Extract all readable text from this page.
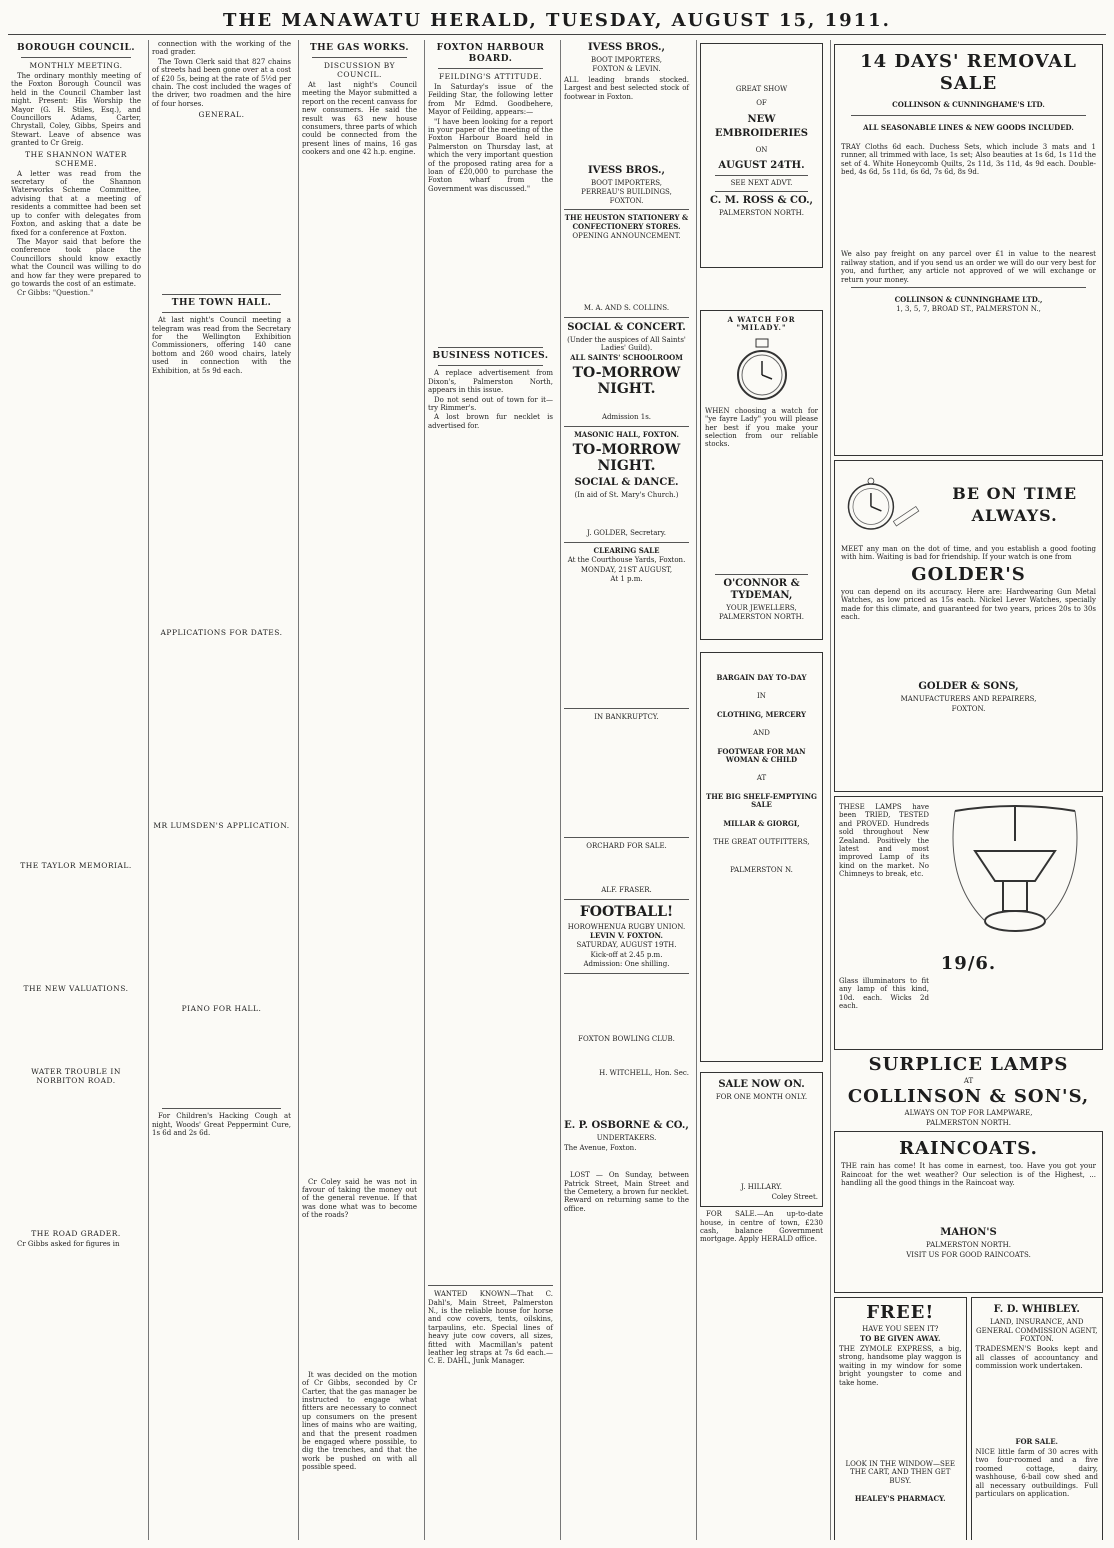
THE MANAWATU HERALD, TUESDAY, AUGUST 15, 1911.
BOROUGH COUNCIL.
MONTHLY MEETING.

The ordinary monthly meeting of the Foxton Borough Council was held in the Council Chamber last night. Present: His Worship the Mayor (G. H. Stiles, Esq.), and Councillors Adams, Carter, Chrystall, Coley, Gibbs, Speirs and Stewart. Leave of absence was granted to Cr Greig.

THE SHANNON WATER SCHEME.

A letter was read from the secretary of the Shannon Waterworks Scheme Committee, advising that at a meeting of residents a committee had been set up to confer with delegates from Foxton, and asking that a date be fixed for a conference at Foxton.

The Mayor said that before the conference took place the Councillors should know exactly what the Council was willing to do and how far they were prepared to go towards the cost of an estimate.

Cr Gibbs: "Question."

THE TAYLOR MEMORIAL.
THE NEW VALUATIONS.
WATER TROUBLE IN NORBITON ROAD.
THE ROAD GRADER.

Cr Gibbs asked for figures in

connection with the working of the road grader.

The Town Clerk said that 827 chains of streets had been gone over at a cost of £20 5s, being at the rate of 5½d per chain. The cost included the wages of the driver, two roadmen and the hire of four horses.

GENERAL.
THE TOWN HALL.

At last night's Council meeting a telegram was read from the Secretary for the Wellington Exhibition Commissioners, offering 140 cane bottom and 260 wood chairs, lately used in connection with the Exhibition, at 5s 9d each.

APPLICATIONS FOR DATES.
MR LUMSDEN'S APPLICATION.
PIANO FOR HALL.

For Children's Hacking Cough at night, Woods' Great Peppermint Cure, 1s 6d and 2s 6d.

THE GAS WORKS.
DISCUSSION BY COUNCIL.

At last night's Council meeting the Mayor submitted a report on the recent canvass for new consumers. He said the result was 63 new house consumers, three parts of which could be connected from the present lines of mains, 16 gas cookers and one 42 h.p. engine.

Cr Coley said he was not in favour of taking the money out of the general revenue. If that was done what was to become of the roads?

It was decided on the motion of Cr Gibbs, seconded by Cr Carter, that the gas manager be instructed to engage what fitters are necessary to connect up consumers on the present lines of mains who are waiting, and that the present roadmen be engaged where possible, to dig the trenches, and that the work be pushed on with all possible speed.

FOXTON HARBOUR BOARD.
FEILDING'S ATTITUDE.

In Saturday's issue of the Feilding Star, the following letter from Mr Edmd. Goodbehere, Mayor of Feilding, appears:—

"I have been looking for a report in your paper of the meeting of the Foxton Harbour Board held in Palmerston on Thursday last, at which the very important question of the proposed rating area for a loan of £20,000 to purchase the Foxton wharf from the Government was discussed."

BUSINESS NOTICES.

A replace advertisement from Dixon's, Palmerston North, appears in this issue.

Do not send out of town for it—try Rimmer's.

A lost brown fur necklet is advertised for.

WANTED KNOWN—That C. Dahl's, Main Street, Palmerston N., is the reliable house for horse and cow covers, tents, oilskins, tarpaulins, etc. Special lines of heavy jute cow covers, all sizes, fitted with Macmillan's patent leather leg straps at 7s 6d each.—C. E. DAHL, Junk Manager.

IVESS BROS.,
BOOT IMPORTERS,
FOXTON & LEVIN.
ALL leading brands stocked. Largest and best selected stock of footwear in Foxton.
IVESS BROS.,
BOOT IMPORTERS,
PERREAU'S BUILDINGS, FOXTON.
THE HEUSTON STATIONERY & CONFECTIONERY STORES.
OPENING ANNOUNCEMENT.
M. A. AND S. COLLINS.
SOCIAL & CONCERT.
(Under the auspices of All Saints' Ladies' Guild).
ALL SAINTS' SCHOOLROOM
TO-MORROW NIGHT.
Admission 1s.
MASONIC HALL, FOXTON.
TO-MORROW NIGHT.
SOCIAL & DANCE.
(In aid of St. Mary's Church.)
J. GOLDER, Secretary.
CLEARING SALE
At the Courthouse Yards, Foxton.
MONDAY, 21ST AUGUST,
At 1 p.m.
IN BANKRUPTCY.
ORCHARD FOR SALE.
ALF. FRASER.
FOOTBALL!
HOROWHENUA RUGBY UNION.
LEVIN V. FOXTON.
SATURDAY, AUGUST 19TH.
Kick-off at 2.45 p.m.
Admission: One shilling.
FOXTON BOWLING CLUB.
H. WITCHELL, Hon. Sec.
E. P. OSBORNE & CO.,
UNDERTAKERS.
The Avenue, Foxton.

LOST — On Sunday, between Patrick Street, Main Street and the Cemetery, a brown fur necklet. Reward on returning same to the office.

GREAT SHOW
OF
NEW
EMBROIDERIES
ON
AUGUST 24TH.
SEE NEXT ADVT.
C. M. ROSS & CO.,
PALMERSTON NORTH.
A WATCH FOR "MILADY."
WHEN choosing a watch for "ye fayre Lady" you will please her best if you make your selection from our reliable stocks.
O'CONNOR & TYDEMAN,
YOUR JEWELLERS,
PALMERSTON NORTH.
BARGAIN DAY TO-DAY
IN
CLOTHING, MERCERY
AND
FOOTWEAR FOR MAN WOMAN & CHILD
AT
THE BIG SHELF-EMPTYING SALE
MILLAR & GIORGI,
THE GREAT OUTFITTERS,
PALMERSTON N.
SALE NOW ON.
FOR ONE MONTH ONLY.
J. HILLARY.
Coley Street.

FOR SALE.—An up-to-date house, in centre of town, £230 cash, balance Government mortgage. Apply HERALD office.

14 DAYS' REMOVAL SALE
COLLINSON & CUNNINGHAME'S LTD.
ALL SEASONABLE LINES & NEW GOODS INCLUDED.
TRAY Cloths 6d each. Duchess Sets, which include 3 mats and 1 runner, all trimmed with lace, 1s set; Also beauties at 1s 6d, 1s 11d the set of 4. White Honeycomb Quilts, 2s 11d, 3s 11d, 4s 9d each. Double-bed, 4s 6d, 5s 11d, 6s 6d, 7s 6d, 8s 9d.
We also pay freight on any parcel over £1 in value to the nearest railway station, and if you send us an order we will do our very best for you, and further, any article not approved of we will exchange or return your money.
COLLINSON & CUNNINGHAME LTD.,
1, 3, 5, 7, BROAD ST., PALMERSTON N.,
BE ON TIME ALWAYS.
MEET any man on the dot of time, and you establish a good footing with him. Waiting is bad for friendship. If your watch is one from
GOLDER'S
you can depend on its accuracy. Here are: Hardwearing Gun Metal Watches, as low priced as 15s each. Nickel Lever Watches, specially made for this climate, and guaranteed for two years, prices 20s to 30s each.
GOLDER & SONS,
MANUFACTURERS AND REPAIRERS,
FOXTON.
THESE LAMPS have been TRIED, TESTED and PROVED. Hundreds sold throughout New Zealand. Positively the latest and most improved Lamp of its kind on the market. No Chimneys to break, etc.
19/6.
Glass illuminators to fit any lamp of this kind, 10d. each. Wicks 2d each.
SURPLICE LAMPS
AT
COLLINSON & SON'S,
ALWAYS ON TOP FOR LAMPWARE,
PALMERSTON NORTH.
RAINCOATS.
THE rain has come! It has come in earnest, too. Have you got your Raincoat for the wet weather? Our selection is of the Highest, ... handling all the good things in the Raincoat way.
MAHON'S
PALMERSTON NORTH.
VISIT US FOR GOOD RAINCOATS.
FREE!
HAVE YOU SEEN IT?
TO BE GIVEN AWAY.
THE ZYMOLE EXPRESS, a big, strong, handsome play waggon is waiting in my window for some bright youngster to come and take home.
LOOK IN THE WINDOW—SEE THE CART, AND THEN GET BUSY.
HEALEY'S PHARMACY.
F. D. WHIBLEY.
LAND, INSURANCE, AND GENERAL COMMISSION AGENT, FOXTON.
TRADESMEN'S Books kept and all classes of accountancy and commission work undertaken.
FOR SALE.
NICE little farm of 30 acres with two four-roomed and a five roomed cottage, dairy, washhouse, 6-bail cow shed and all necessary outbuildings. Full particulars on application.
